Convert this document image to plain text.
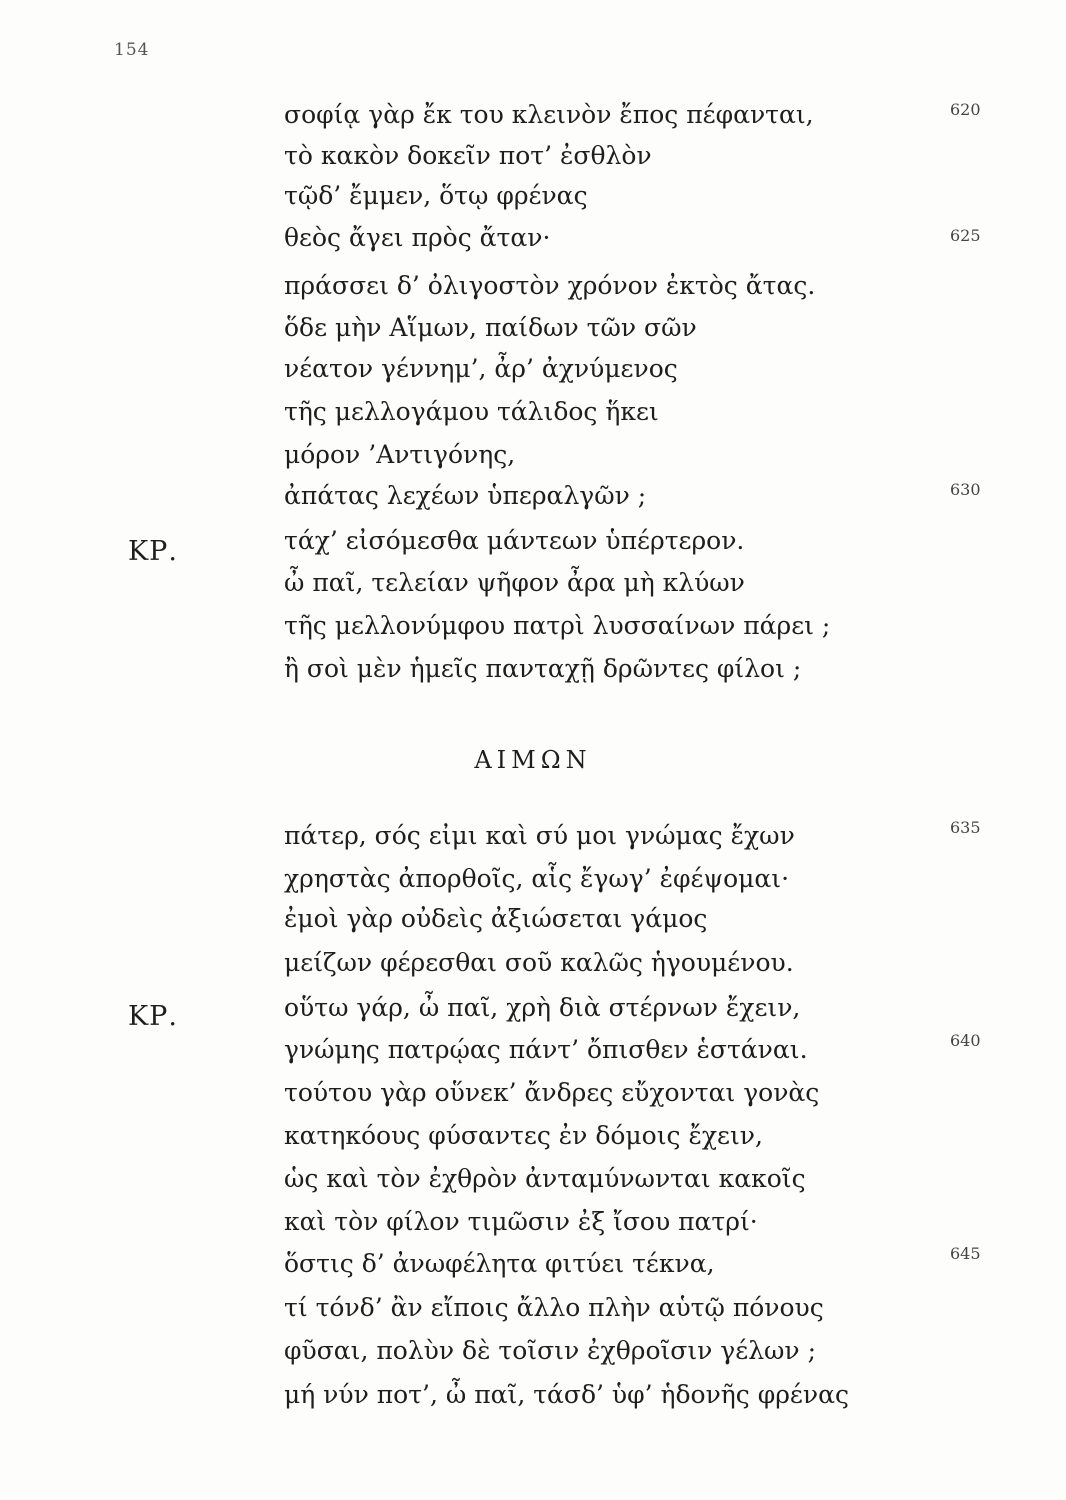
154
σοφίᾳ γὰρ ἔκ του κλεινὸν ἔπος πέφανται,
τὸ κακὸν δοκεῖν ποτ’ ἐσθλὸν
τῷδ’ ἔμμεν, ὅτῳ φρένας
θεὸς ἄγει πρὸς ἄταν·
πράσσει δ’ ὀλιγοστὸν χρόνον ἐκτὸς ἄτας.
ὅδε μὴν Αἵμων, παίδων τῶν σῶν
νέατον γέννημ’, ἆρ’ ἀχνύμενος
τῆς μελλογάμου τάλιδος ἥκει
μόρον ’Αντιγόνης,
ἀπάτας λεχέων ὑπεραλγῶν ;
τάχ’ εἰσόμεσθα μάντεων ὑπέρτερον.
ὦ παῖ, τελείαν ψῆφον ἆρα μὴ κλύων
τῆς μελλονύμφου πατρὶ λυσσαίνων πάρει ;
ἢ σοὶ μὲν ἡμεῖς πανταχῇ δρῶντες φίλοι ;
ΑΙΜΩΝ
πάτερ, σός εἰμι καὶ σύ μοι γνώμας ἔχων
χρηστὰς ἀπορθοῖς, αἷς ἔγωγ’ ἐφέψομαι·
ἐμοὶ γὰρ οὐδεὶς ἀξιώσεται γάμος
μείζων φέρεσθαι σοῦ καλῶς ἡγουμένου.
οὕτω γάρ, ὦ παῖ, χρὴ διὰ στέρνων ἔχειν,
γνώμης πατρῴας πάντ’ ὄπισθεν ἑστάναι.
τούτου γὰρ οὕνεκ’ ἄνδρες εὔχονται γονὰς
κατηκόους φύσαντες ἐν δόμοις ἔχειν,
ὡς καὶ τὸν ἐχθρὸν ἀνταμύνωνται κακοῖς
καὶ τὸν φίλον τιμῶσιν ἐξ ἴσου πατρί·
ὅστις δ’ ἀνωφέλητα φιτύει τέκνα,
τί τόνδ’ ἂν εἴποις ἄλλο πλὴν αὑτῷ πόνους
φῦσαι, πολὺν δὲ τοῖσιν ἐχθροῖσιν γέλων ;
μή νύν ποτ’, ὦ παῖ, τάσδ’ ὑφ’ ἡδονῆς φρένας
ΚΡ.
ΚΡ.
620
625
630
635
640
645
